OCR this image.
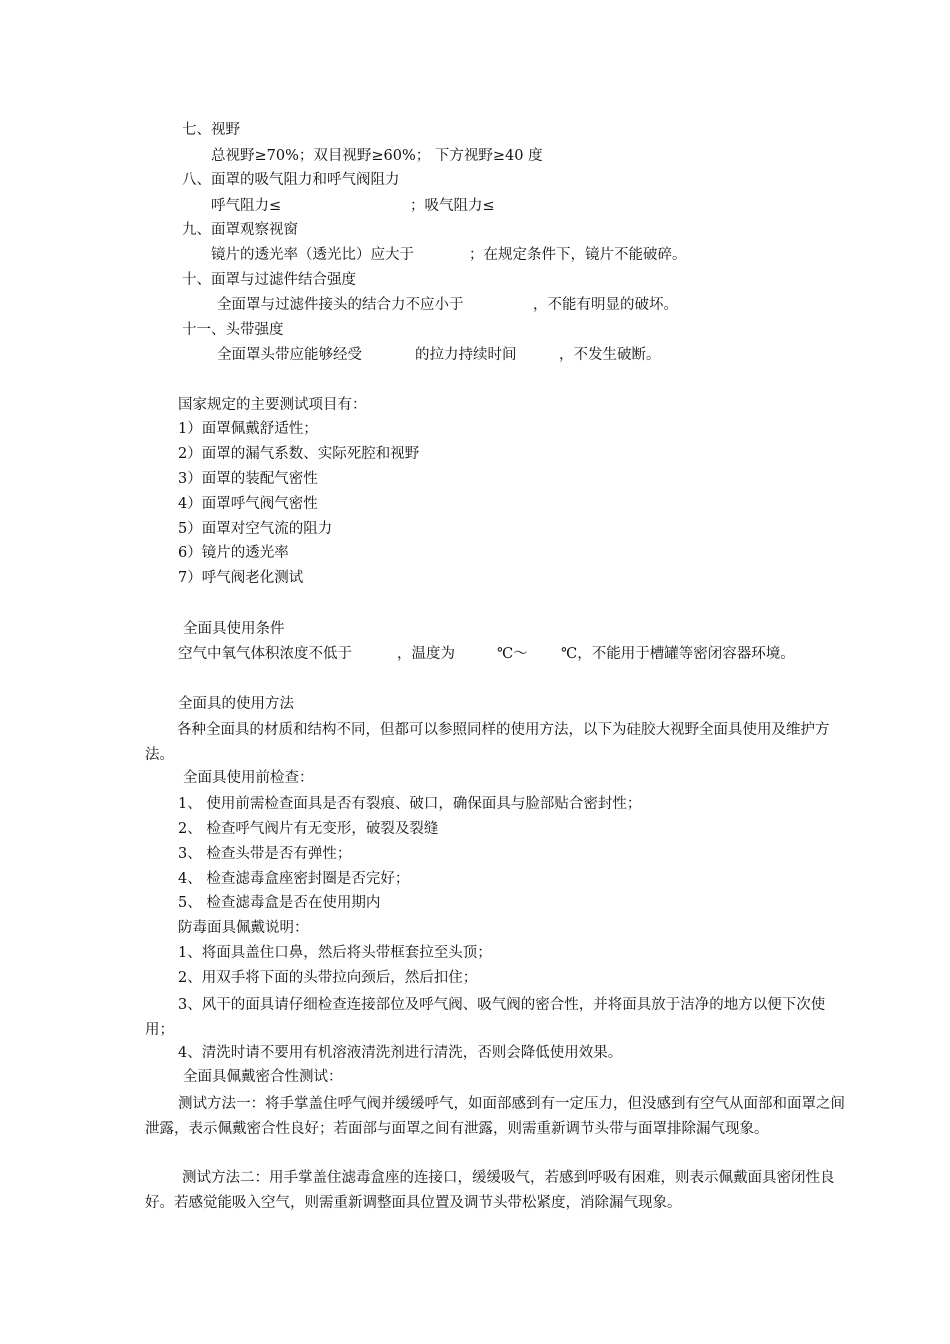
七、视野

总视野≥70%；双目视野≥60%； 下方视野≥40 度

八、面罩的吸气阻力和呼气阀阻力

呼气阻力≤	；吸气阻力≤

九、面罩观察视窗

镜片的透光率（透光比）应大于	；在规定条件下，镜片不能破碎。

十、面罩与过滤件结合强度

全面罩与过滤件接头的结合力不应小于	，不能有明显的破坏。

十一、头带强度

全面罩头带应能够经受	的拉力持续时间	，不发生破断。

国家规定的主要测试项目有：

1）面罩佩戴舒适性；

2）面罩的漏气系数、实际死腔和视野

3）面罩的装配气密性

4）面罩呼气阀气密性

5）面罩对空气流的阻力

6）镜片的透光率

7）呼气阀老化测试

全面具使用条件

空气中氧气体积浓度不低于	，温度为	℃～ ℃，不能用于槽罐等密闭容器环境。

全面具的使用方法

各种全面具的材质和结构不同，但都可以参照同样的使用方法，以下为硅胶大视野全面具使用及维护方法。

全面具使用前检查：

1、 使用前需检查面具是否有裂痕、破口，确保面具与脸部贴合密封性；

2、 检查呼气阀片有无变形，破裂及裂缝

3、 检查头带是否有弹性；

4、 检查滤毒盒座密封圈是否完好；

5、 检查滤毒盒是否在使用期内

防毒面具佩戴说明：

1、将面具盖住口鼻，然后将头带框套拉至头顶；

2、用双手将下面的头带拉向颈后，然后扣住；

3、风干的面具请仔细检查连接部位及呼气阀、吸气阀的密合性，并将面具放于洁净的地方以便下次使用；

4、清洗时请不要用有机溶液清洗剂进行清洗，否则会降低使用效果。

全面具佩戴密合性测试：

测试方法一：将手掌盖住呼气阀并缓缓呼气，如面部感到有一定压力，但没感到有空气从面部和面罩之间泄露，表示佩戴密合性良好；若面部与面罩之间有泄露，则需重新调节头带与面罩排除漏气现象。

测试方法二：用手掌盖住滤毒盒座的连接口，缓缓吸气，若感到呼吸有困难，则表示佩戴面具密闭性良好。若感觉能吸入空气，则需重新调整面具位置及调节头带松紧度，消除漏气现象。
